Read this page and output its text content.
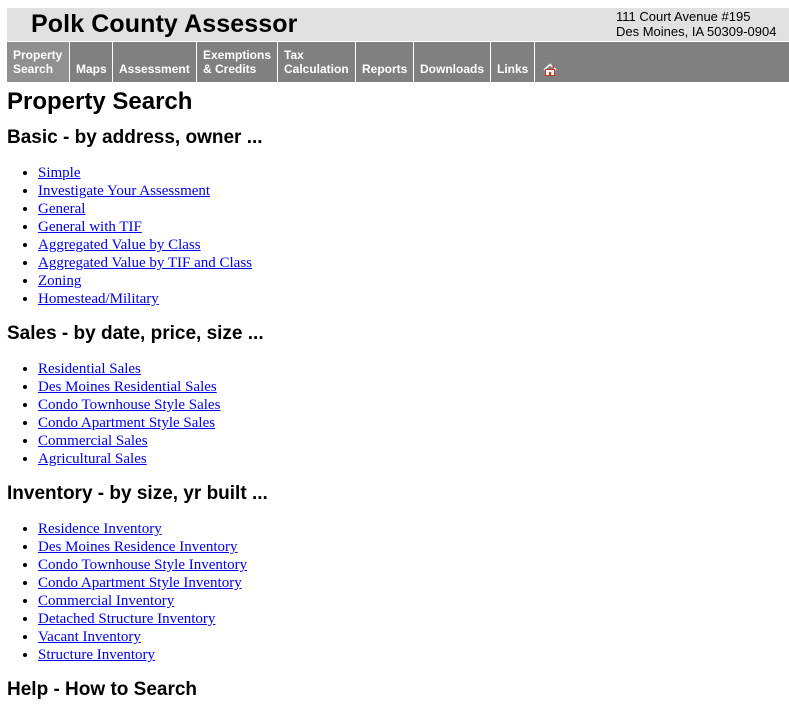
Polk County Assessor	111 Court Avenue #195
Des Moines, IA 50309-0904
Property
Search Maps Assessment
Exemptions
& Credits
Tax
Calculation Reports Downloads Links
Property Search
Basic - by address, owner ...
• Simple
• Investigate Your Assessment
• General
• General with TIF
• Aggregated Value by Class
• Aggregated Value by TIF and Class
• Zoning
• Homestead/Military
Sales - by date, price, size ...
• Residential Sales
• Des Moines Residential Sales
• Condo Townhouse Style Sales
• Condo Apartment Style Sales
• Commercial Sales
• Agricultural Sales
Inventory - by size, yr built ...
• Residence Inventory
• Des Moines Residence Inventory
• Condo Townhouse Style Inventory
• Condo Apartment Style Inventory
• Commercial Inventory
• Detached Structure Inventory
• Vacant Inventory
• Structure Inventory
Help - How to Search
